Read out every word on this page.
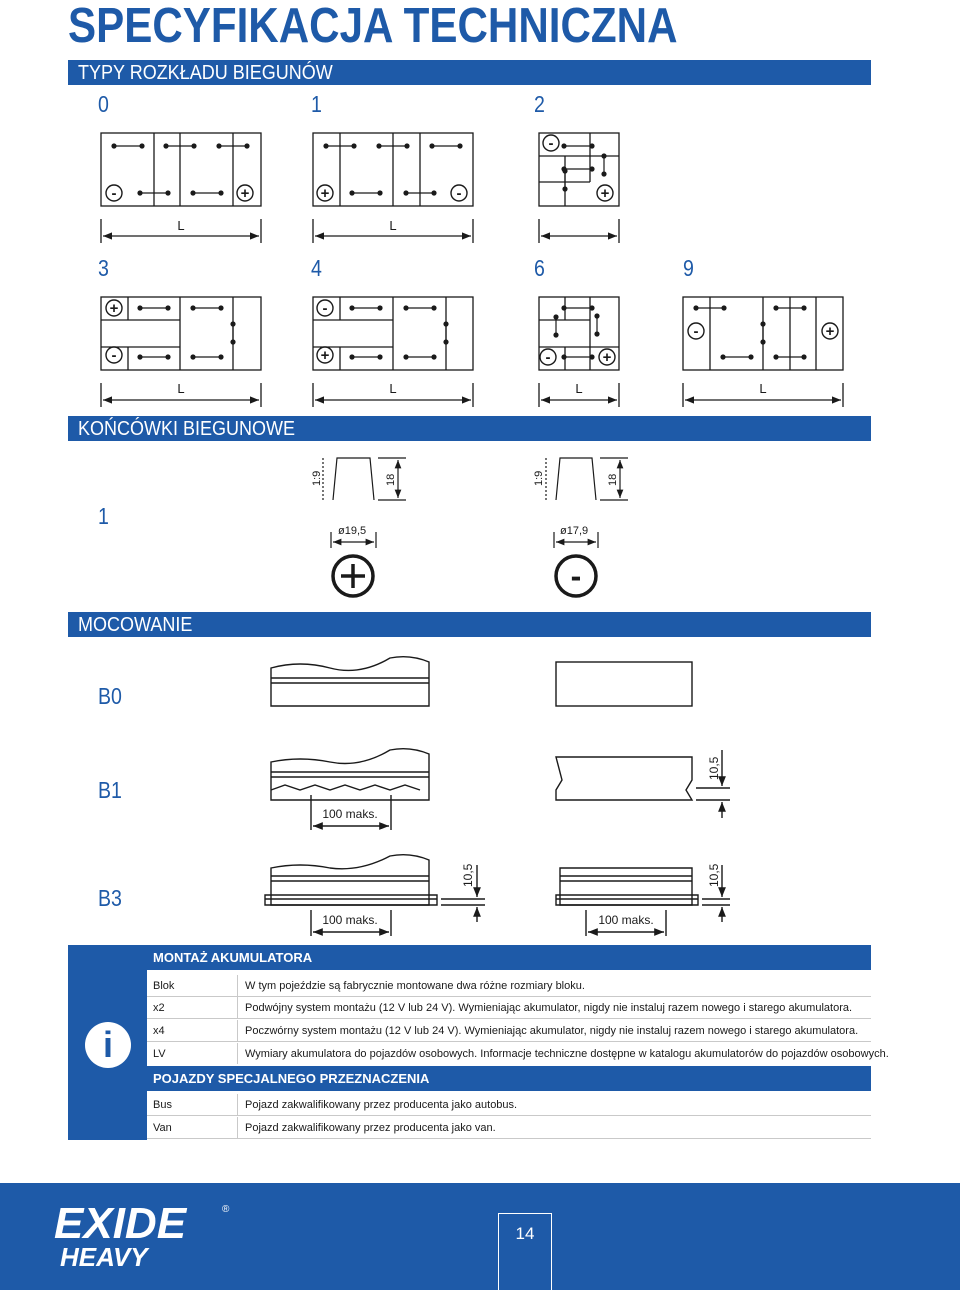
SPECYFIKACJA TECHNICZNA
TYPY ROZKŁADU BIEGUNÓW
KOŃCÓWKI BIEGUNOWE
MOCOWANIE
0	1	2
3	4	6	9
1
B0
B1
B3
-	+	+	-
-
+
+
-
-
+	-	+
-	+
L	L
L	L	L	L
1:9	18	1:9	18
ø19,5	ø17,9
-
100 maks.
100 maks.	100 maks.
10,5
10,5	10,5
i
MONTAŻ AKUMULATORA
Blok	W tym pojeździe są fabrycznie montowane dwa różne rozmiary bloku.
x2	Podwójny system montażu (12 V lub 24 V). Wymieniając akumulator, nigdy nie instaluj razem nowego i starego akumulatora.
x4	Poczwórny system montażu (12 V lub 24 V). Wymieniając akumulator, nigdy nie instaluj razem nowego i starego akumulatora.
LV	Wymiary akumulatora do pojazdów osobowych. Informacje techniczne dostępne w katalogu akumulatorów do pojazdów osobowych.
POJAZDY SPECJALNEGO PRZEZNACZENIA
Bus	Pojazd zakwalifikowany przez producenta jako autobus.
Van	Pojazd zakwalifikowany przez producenta jako van.
EXIDE	®
HEAVY
14
